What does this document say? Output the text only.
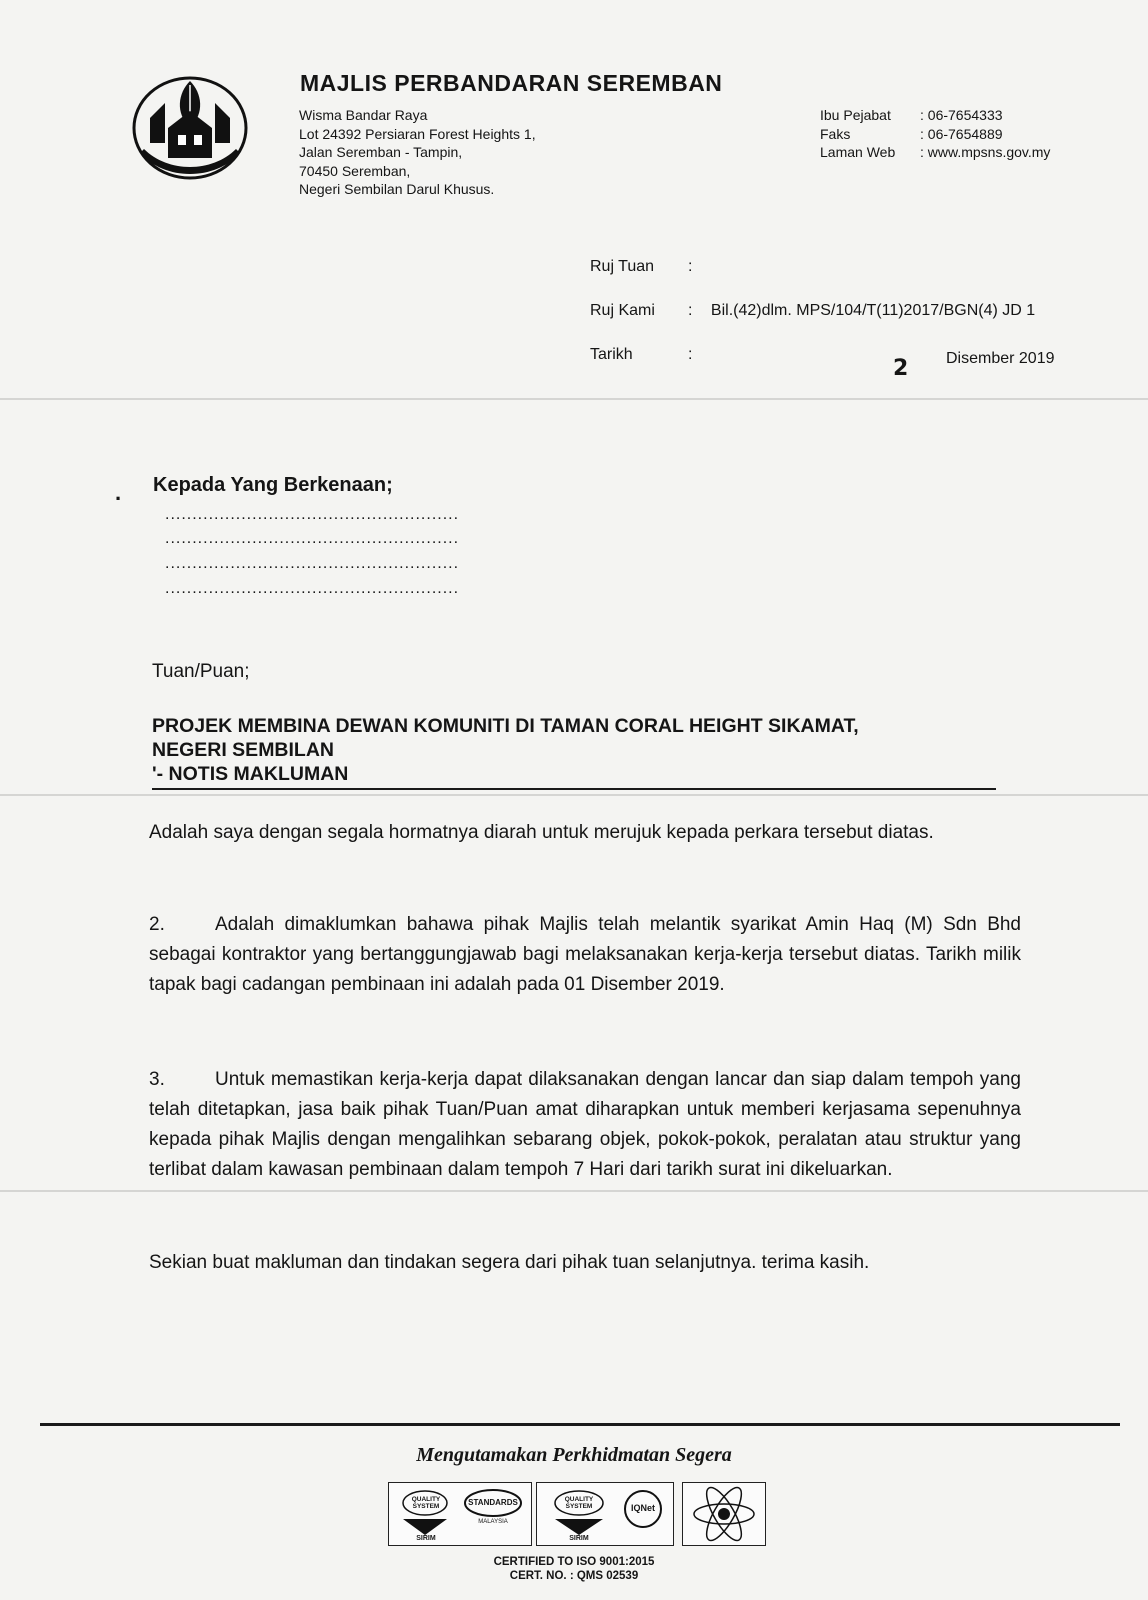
MAJLIS PERBANDARAN SEREMBAN
Wisma Bandar Raya
Lot 24392 Persiaran Forest Heights 1,
Jalan Seremban - Tampin,
70450 Seremban,
Negeri Sembilan Darul Khusus.
Ibu Pejabat	: 06-7654333
Faks	: 06-7654889
Laman Web	: www.mpsns.gov.my
Ruj Tuan :
Ruj Kami : Bil.(42)dlm. MPS/104/T(11)2017/BGN(4) JD 1
Tarikh	:
2 Disember 2019
. Kepada Yang Berkenaan;
......................................................
......................................................
......................................................
......................................................
Tuan/Puan;
PROJEK MEMBINA DEWAN KOMUNITI DI TAMAN CORAL HEIGHT SIKAMAT,
NEGERI SEMBILAN
'- NOTIS MAKLUMAN
Adalah saya dengan segala hormatnya diarah untuk merujuk kepada perkara tersebut diatas.
2.	Adalah dimaklumkan bahawa pihak Majlis telah melantik syarikat Amin Haq (M) Sdn Bhd sebagai kontraktor yang bertanggungjawab bagi melaksanakan kerja-kerja tersebut diatas. Tarikh milik tapak bagi cadangan pembinaan ini adalah pada 01 Disember 2019.
3.	Untuk memastikan kerja-kerja dapat dilaksanakan dengan lancar dan siap dalam tempoh yang telah ditetapkan, jasa baik pihak Tuan/Puan amat diharapkan untuk memberi kerjasama sepenuhnya kepada pihak Majlis dengan mengalihkan sebarang objek, pokok-pokok, peralatan atau struktur yang terlibat dalam kawasan pembinaan dalam tempoh 7 Hari dari tarikh surat ini dikeluarkan.
Sekian buat makluman dan tindakan segera dari pihak tuan selanjutnya. terima kasih.
Mengutamakan Perkhidmatan Segera
QUALITY SYSTEM
SIRIM
STANDARDS
MALAYSIA
QUALITY SYSTEM
SIRIM
IQNet
CERTIFIED TO ISO 9001:2015
CERT. NO. : QMS 02539
